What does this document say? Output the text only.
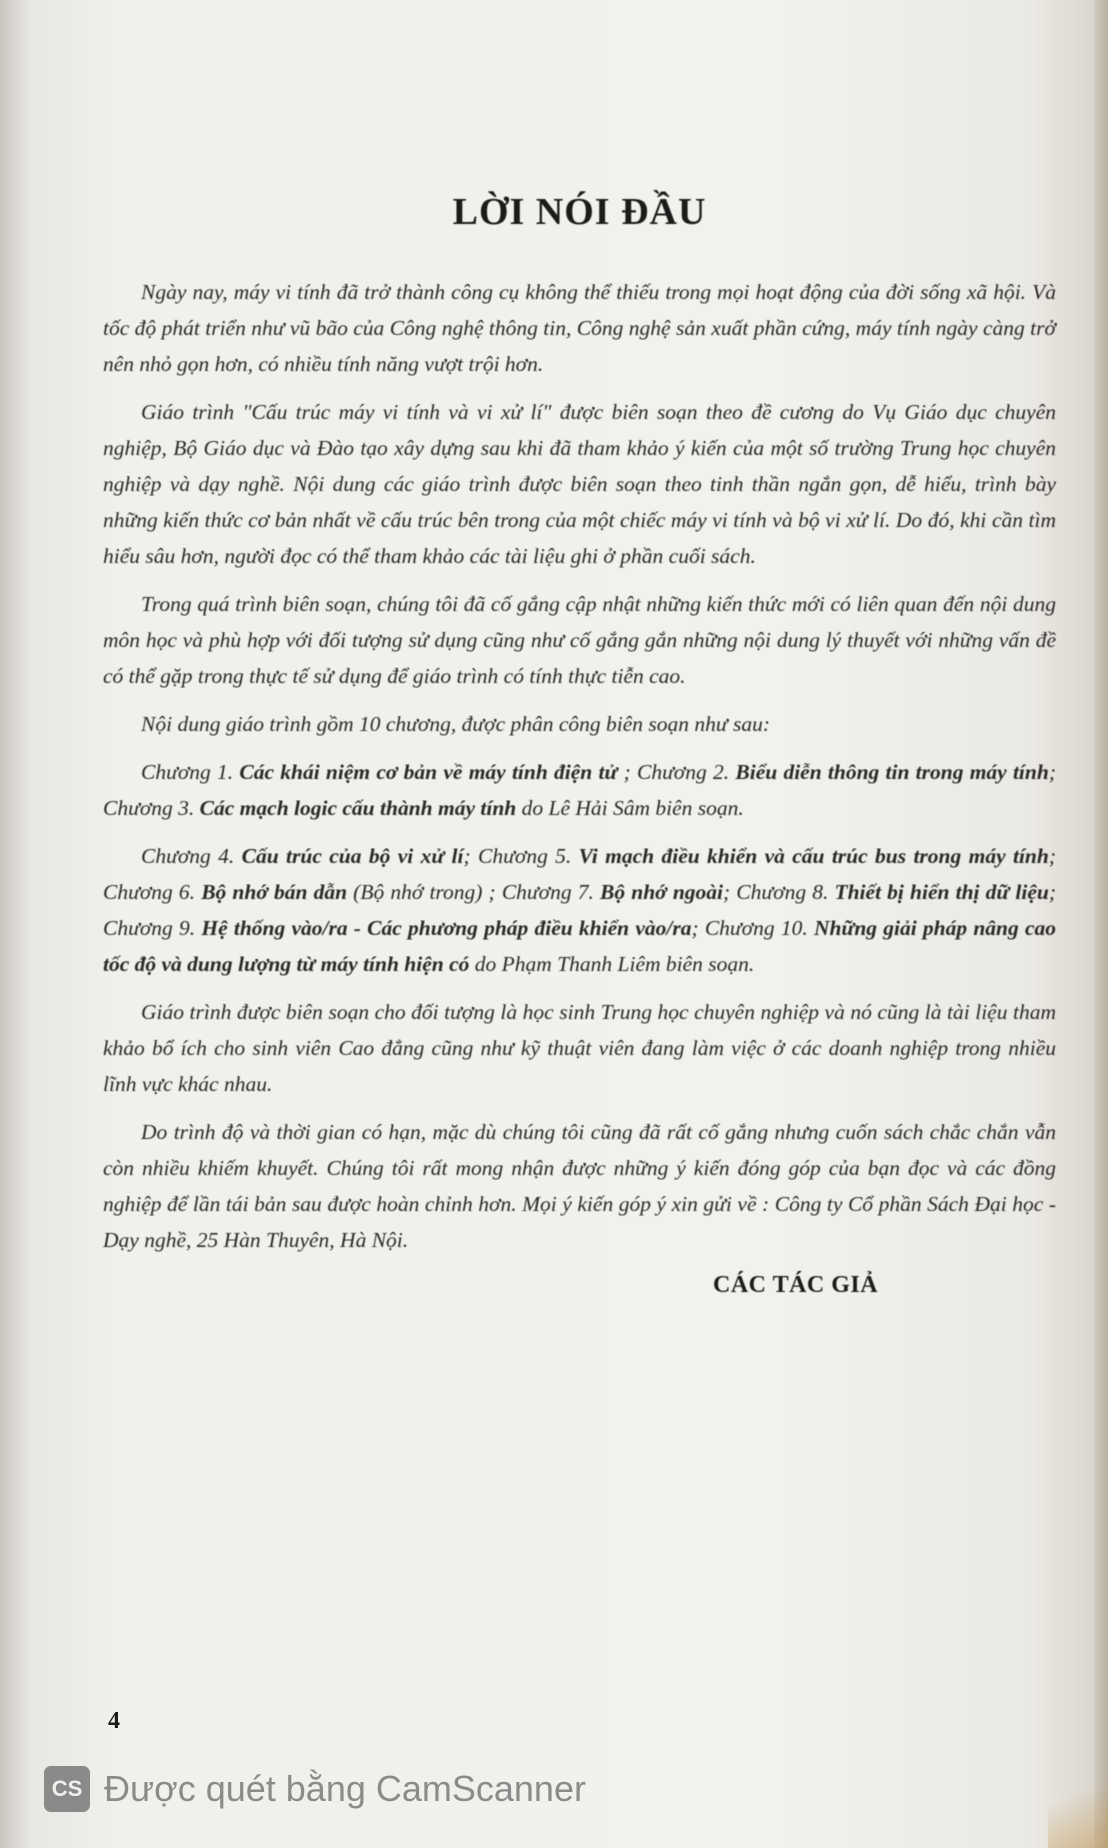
LỜI NÓI ĐẦU

Ngày nay, máy vi tính đã trở thành công cụ không thể thiếu trong mọi hoạt động của đời sống xã hội. Và tốc độ phát triển như vũ bão của Công nghệ thông tin, Công nghệ sản xuất phần cứng, máy tính ngày càng trở nên nhỏ gọn hơn, có nhiều tính năng vượt trội hơn.

Giáo trình "Cấu trúc máy vi tính và vi xử lí" được biên soạn theo đề cương do Vụ Giáo dục chuyên nghiệp, Bộ Giáo dục và Đào tạo xây dựng sau khi đã tham khảo ý kiến của một số trường Trung học chuyên nghiệp và dạy nghề. Nội dung các giáo trình được biên soạn theo tinh thần ngắn gọn, dễ hiểu, trình bày những kiến thức cơ bản nhất về cấu trúc bên trong của một chiếc máy vi tính và bộ vi xử lí. Do đó, khi cần tìm hiểu sâu hơn, người đọc có thể tham khảo các tài liệu ghi ở phần cuối sách.

Trong quá trình biên soạn, chúng tôi đã cố gắng cập nhật những kiến thức mới có liên quan đến nội dung môn học và phù hợp với đối tượng sử dụng cũng như cố gắng gắn những nội dung lý thuyết với những vấn đề có thể gặp trong thực tế sử dụng để giáo trình có tính thực tiễn cao.

Nội dung giáo trình gồm 10 chương, được phân công biên soạn như sau:

Chương 1. Các khái niệm cơ bản về máy tính điện tử ; Chương 2. Biểu diễn thông tin trong máy tính; Chương 3. Các mạch logic cấu thành máy tính do Lê Hải Sâm biên soạn.

Chương 4. Cấu trúc của bộ vi xử lí; Chương 5. Vi mạch điều khiển và cấu trúc bus trong máy tính; Chương 6. Bộ nhớ bán dẫn (Bộ nhớ trong) ; Chương 7. Bộ nhớ ngoài; Chương 8. Thiết bị hiển thị dữ liệu; Chương 9. Hệ thống vào/ra - Các phương pháp điều khiển vào/ra; Chương 10. Những giải pháp nâng cao tốc độ và dung lượng từ máy tính hiện có do Phạm Thanh Liêm biên soạn.

Giáo trình được biên soạn cho đối tượng là học sinh Trung học chuyên nghiệp và nó cũng là tài liệu tham khảo bổ ích cho sinh viên Cao đẳng cũng như kỹ thuật viên đang làm việc ở các doanh nghiệp trong nhiều lĩnh vực khác nhau.

Do trình độ và thời gian có hạn, mặc dù chúng tôi cũng đã rất cố gắng nhưng cuốn sách chắc chắn vẫn còn nhiều khiếm khuyết. Chúng tôi rất mong nhận được những ý kiến đóng góp của bạn đọc và các đồng nghiệp để lần tái bản sau được hoàn chỉnh hơn. Mọi ý kiến góp ý xin gửi về : Công ty Cổ phần Sách Đại học - Dạy nghề, 25 Hàn Thuyên, Hà Nội.

CÁC TÁC GIẢ
4
CS Được quét bằng CamScanner
